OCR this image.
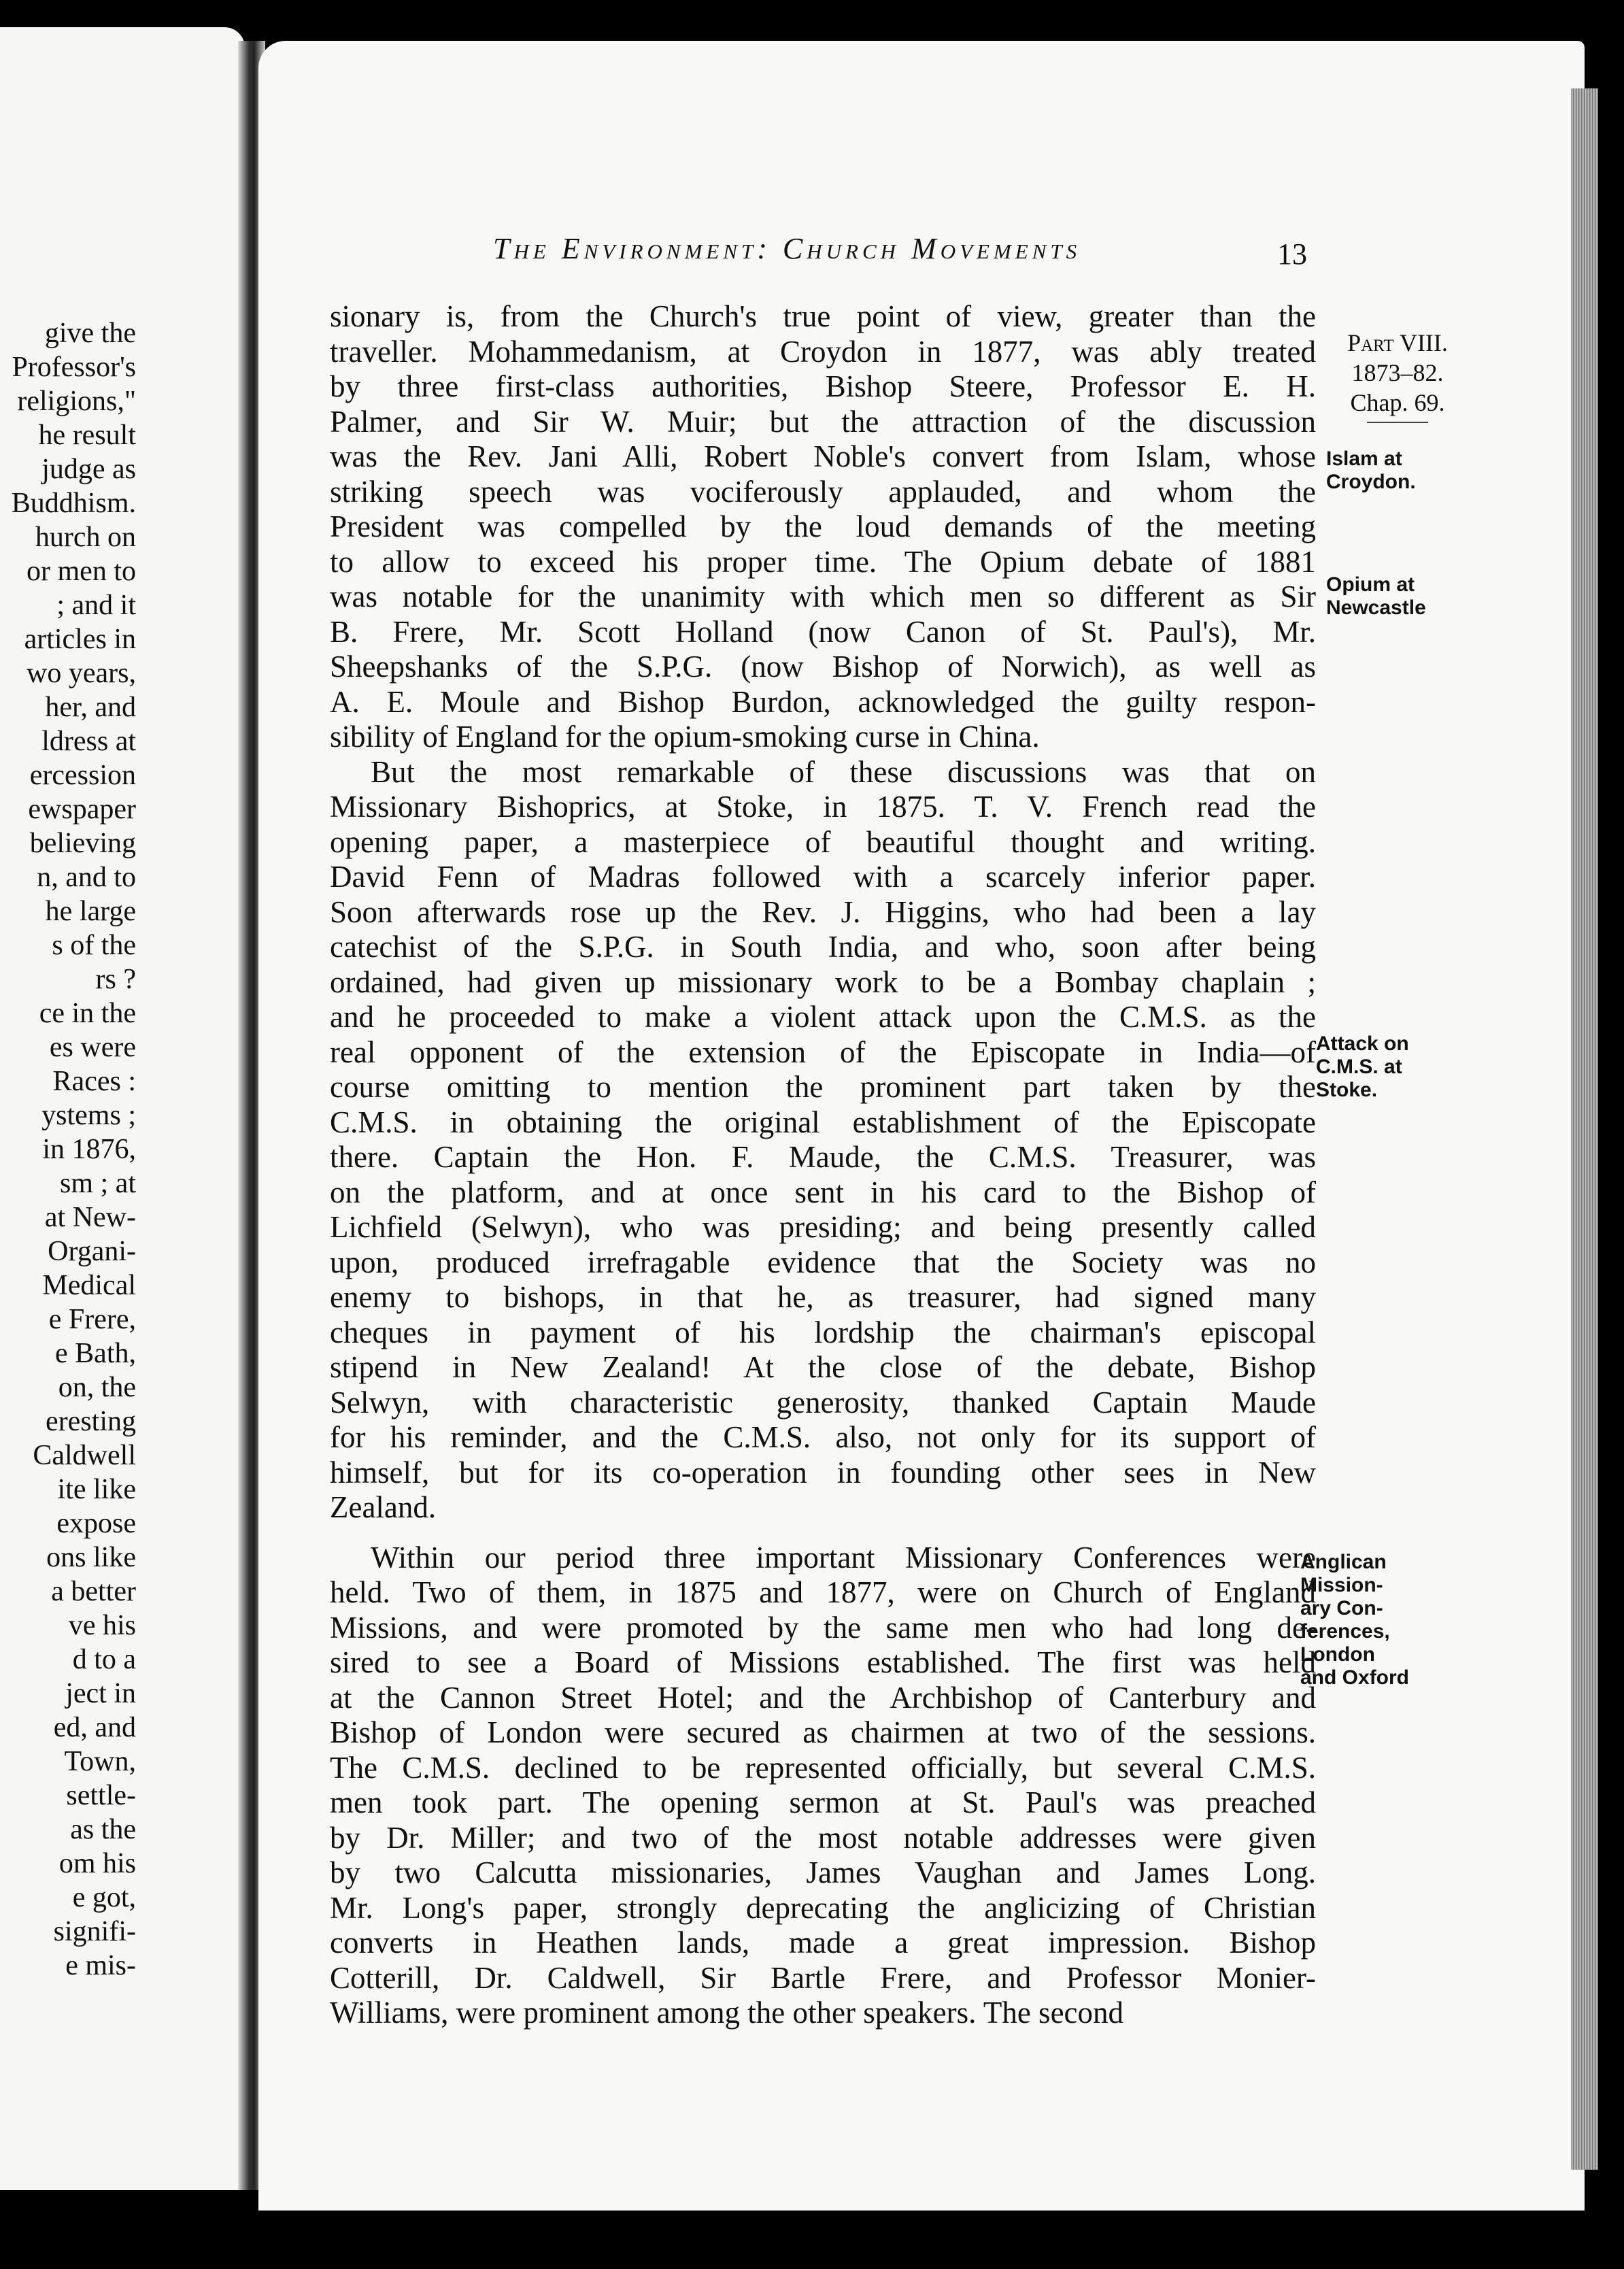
give the
Professor's
religions,"
he result
judge as
Buddhism.
hurch on
or men to
; and it
articles in
wo years,
her, and
ldress at
ercession
ewspaper
believing
n, and to
he large
s of the
rs ?
ce in the
es were
Races :
ystems ;
in 1876,
sm ; at
at New-
Organi-
Medical
e Frere,
e Bath,
on, the
eresting
Caldwell
ite like
expose
ons like
a better
ve his
d to a
ject in
ed, and
Town,
settle-
as the
om his
e got,
signifi-
e mis-
The Environment: Church Movements	13
Part VIII.
1873–82.
Chap. 69.
Islam at
Croydon.
Opium at
Newcastle
Attack on
C.M.S. at
Stoke.
Anglican
Mission-
ary Con-
ferences,
London
and Oxford
sionary is, from the Church's true point of view, greater than the
traveller. Mohammedanism, at Croydon in 1877, was ably treated
by three first-class authorities, Bishop Steere, Professor E. H.
Palmer, and Sir W. Muir; but the attraction of the discussion
was the Rev. Jani Alli, Robert Noble's convert from Islam, whose
striking speech was vociferously applauded, and whom the
President was compelled by the loud demands of the meeting
to allow to exceed his proper time. The Opium debate of 1881
was notable for the unanimity with which men so different as Sir
B. Frere, Mr. Scott Holland (now Canon of St. Paul's), Mr.
Sheepshanks of the S.P.G. (now Bishop of Norwich), as well as
A. E. Moule and Bishop Burdon, acknowledged the guilty respon-
sibility of England for the opium-smoking curse in China.
But the most remarkable of these discussions was that on
Missionary Bishoprics, at Stoke, in 1875. T. V. French read the
opening paper, a masterpiece of beautiful thought and writing.
David Fenn of Madras followed with a scarcely inferior paper.
Soon afterwards rose up the Rev. J. Higgins, who had been a lay
catechist of the S.P.G. in South India, and who, soon after being
ordained, had given up missionary work to be a Bombay chaplain ;
and he proceeded to make a violent attack upon the C.M.S. as the
real opponent of the extension of the Episcopate in India—of
course omitting to mention the prominent part taken by the
C.M.S. in obtaining the original establishment of the Episcopate
there. Captain the Hon. F. Maude, the C.M.S. Treasurer, was
on the platform, and at once sent in his card to the Bishop of
Lichfield (Selwyn), who was presiding; and being presently called
upon, produced irrefragable evidence that the Society was no
enemy to bishops, in that he, as treasurer, had signed many
cheques in payment of his lordship the chairman's episcopal
stipend in New Zealand! At the close of the debate, Bishop
Selwyn, with characteristic generosity, thanked Captain Maude
for his reminder, and the C.M.S. also, not only for its support of
himself, but for its co-operation in founding other sees in New
Zealand.
Within our period three important Missionary Conferences were
held. Two of them, in 1875 and 1877, were on Church of England
Missions, and were promoted by the same men who had long de-
sired to see a Board of Missions established. The first was held
at the Cannon Street Hotel; and the Archbishop of Canterbury and
Bishop of London were secured as chairmen at two of the sessions.
The C.M.S. declined to be represented officially, but several C.M.S.
men took part. The opening sermon at St. Paul's was preached
by Dr. Miller; and two of the most notable addresses were given
by two Calcutta missionaries, James Vaughan and James Long.
Mr. Long's paper, strongly deprecating the anglicizing of Christian
converts in Heathen lands, made a great impression. Bishop
Cotterill, Dr. Caldwell, Sir Bartle Frere, and Professor Monier-
Williams, were prominent among the other speakers. The second
